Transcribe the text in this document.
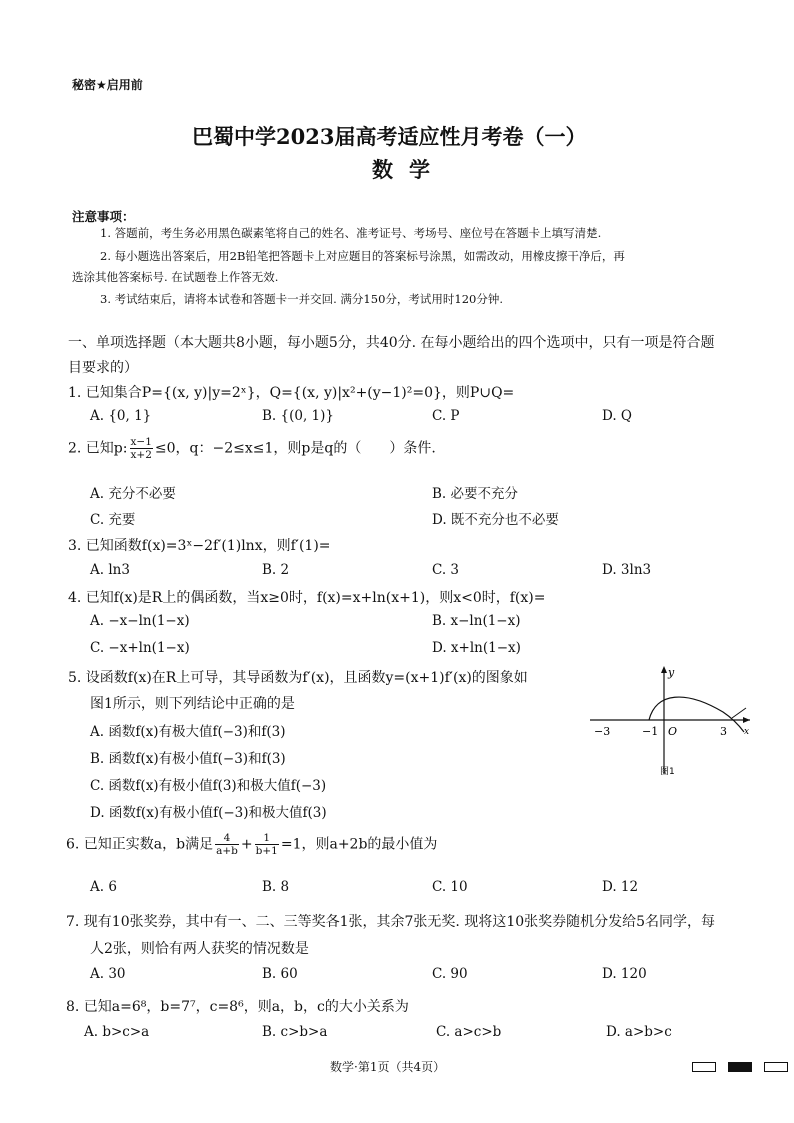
秘密★启用前
巴蜀中学2023届高考适应性月考卷（一）
数学
注意事项：
1. 答题前，考生务必用黑色碳素笔将自己的姓名、准考证号、考场号、座位号在答题卡上填写清楚.
2. 每小题选出答案后，用2B铅笔把答题卡上对应题目的答案标号涂黑，如需改动，用橡皮擦干净后，再
选涂其他答案标号. 在试题卷上作答无效.
3. 考试结束后，请将本试卷和答题卡一并交回. 满分150分，考试用时120分钟.
一、单项选择题（本大题共8小题，每小题5分，共40分. 在每小题给出的四个选项中，只有一项是符合题
目要求的）
1. 已知集合P={(x, y)|y=2ˣ}，Q={(x, y)|x²+(y−1)²=0}，则P∪Q=
A. {0, 1}	B. {(0, 1)}	C. P	D. Q
2. 已知p: $\frac{x-1}{x+2} \le 0$，q：−2≤x≤1，则p是q的（　　）条件.
A. 充分不必要	B. 必要不充分
C. 充要	D. 既不充分也不必要
3. 已知函数f(x)=3ˣ−2f′(1)lnx，则f′(1)=
A. ln3	B. 2	C. 3	D. 3ln3
4. 已知f(x)是R上的偶函数，当x≥0时，f(x)=x+ln(x+1)，则x<0时，f(x)=
A. −x−ln(1−x)	B. x−ln(1−x)
C. −x+ln(1−x)	D. x+ln(1−x)
5. 设函数f(x)在R上可导，其导函数为f′(x)，且函数y=(x+1)f′(x)的图象如
图1所示，则下列结论中正确的是
A. 函数f(x)有极大值f(−3)和f(3)
B. 函数f(x)有极小值f(−3)和f(3)
C. 函数f(x)有极小值f(3)和极大值f(−3)
D. 函数f(x)有极小值f(−3)和极大值f(3)
y
x
−3	−1 O	3
图1
6. 已知正实数a，b满足 $\frac{4}{a+b} + \frac{1}{b+1} =1$，则a+2b的最小值为
A. 6	B. 8	C. 10	D. 12
7. 现有10张奖券，其中有一、二、三等奖各1张，其余7张无奖. 现将这10张奖券随机分发给5名同学，每
人2张，则恰有两人获奖的情况数是
A. 30	B. 60	C. 90	D. 120
8. 已知a=6⁸，b=7⁷，c=8⁶，则a，b，c的大小关系为
A. b>c>a	B. c>b>a	C. a>c>b	D. a>b>c
数学·第1页（共4页）
